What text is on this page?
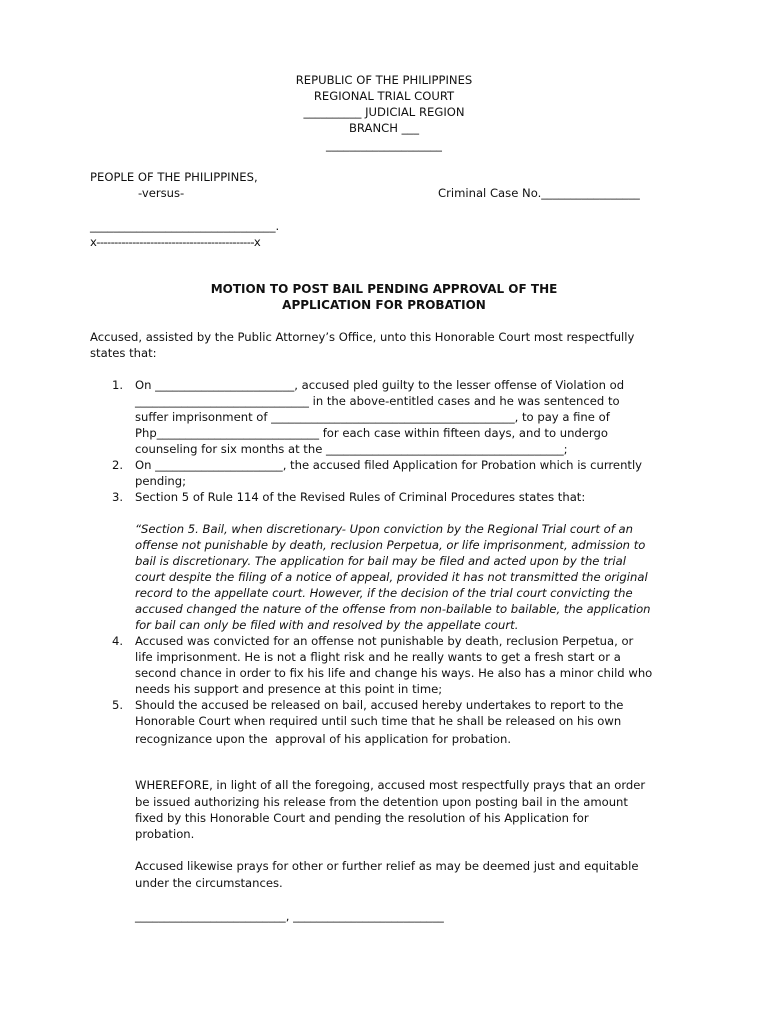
REPUBLIC OF THE PHILIPPINES
REGIONAL TRIAL COURT
__________ JUDICIAL REGION
BRANCH ___
____________________
PEOPLE OF THE PHILIPPINES,
-versus-	Criminal Case No._________________
________________________________.
x--------------------------------------------x
MOTION TO POST BAIL PENDING APPROVAL OF THE
APPLICATION FOR PROBATION
Accused, assisted by the Public Attorney’s Office, unto this Honorable Court most respectfully
states that:
1. On ________________________, accused pled guilty to the lesser offense of Violation od
______________________________ in the above-entitled cases and he was sentenced to
suffer imprisonment of __________________________________________, to pay a fine of
Php____________________________ for each case within fifteen days, and to undergo
counseling for six months at the _________________________________________;
2. On ______________________, the accused filed Application for Probation which is currently
pending;
3. Section 5 of Rule 114 of the Revised Rules of Criminal Procedures states that:
“Section 5. Bail, when discretionary- Upon conviction by the Regional Trial court of an
offense not punishable by death, reclusion Perpetua, or life imprisonment, admission to
bail is discretionary. The application for bail may be filed and acted upon by the trial
court despite the filing of a notice of appeal, provided it has not transmitted the original
record to the appellate court. However, if the decision of the trial court convicting the
accused changed the nature of the offense from non-bailable to bailable, the application
for bail can only be filed with and resolved by the appellate court.
4. Accused was convicted for an offense not punishable by death, reclusion Perpetua, or
life imprisonment. He is not a flight risk and he really wants to get a fresh start or a
second chance in order to fix his life and change his ways. He also has a minor child who
needs his support and presence at this point in time;
5. Should the accused be released on bail, accused hereby undertakes to report to the
Honorable Court when required until such time that he shall be released on his own
recognizance upon the  approval of his application for probation.
WHEREFORE, in light of all the foregoing, accused most respectfully prays that an order
be issued authorizing his release from the detention upon posting bail in the amount
fixed by this Honorable Court and pending the resolution of his Application for
probation.
Accused likewise prays for other or further relief as may be deemed just and equitable
under the circumstances.
__________________________, __________________________
